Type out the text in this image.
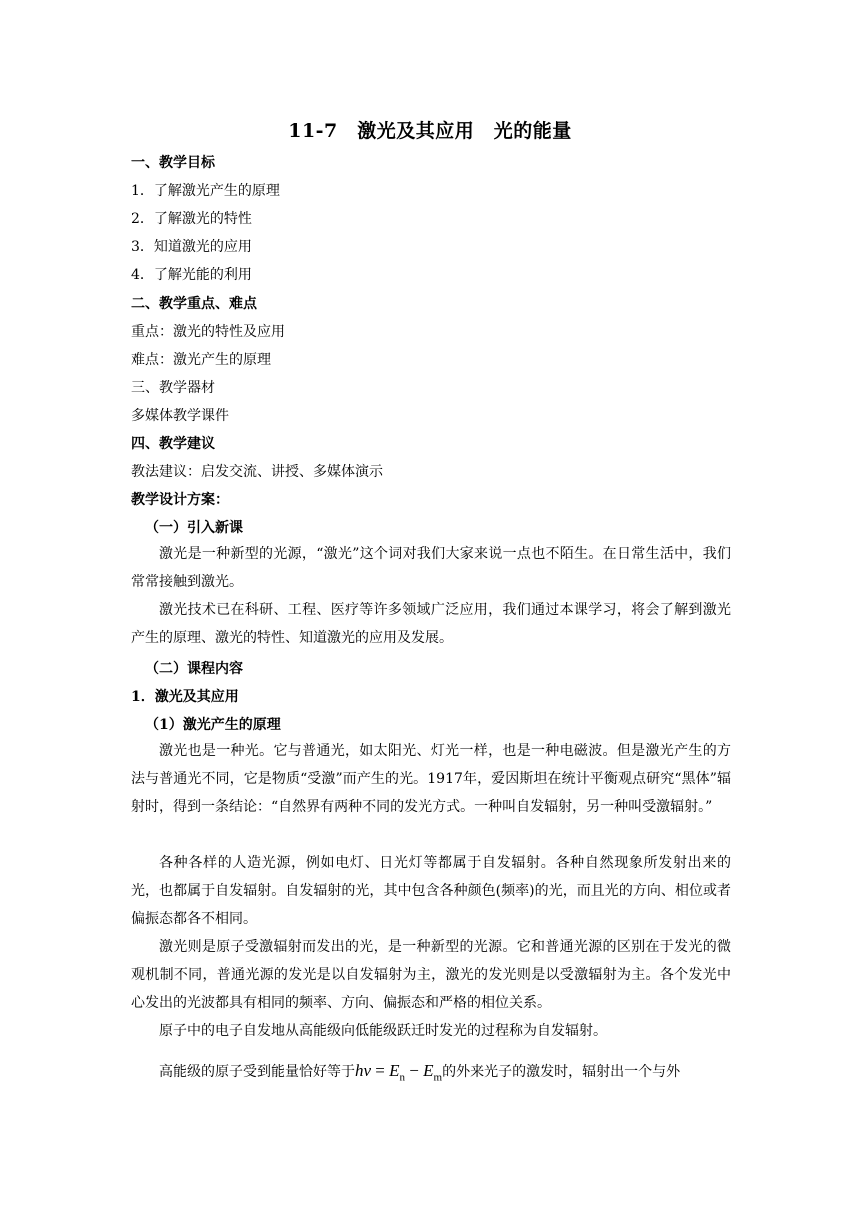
11-7　激光及其应用　光的能量
一、教学目标
1．了解激光产生的原理
2．了解激光的特性
3．知道激光的应用
4．了解光能的利用
二、教学重点、难点
重点：激光的特性及应用
难点：激光产生的原理
三、教学器材
多媒体教学课件
四、教学建议
教法建议：启发交流、讲授、多媒体演示
教学设计方案：
（一）引入新课
激光是一种新型的光源，“激光”这个词对我们大家来说一点也不陌生。在日常生活中，我们常常接触到激光。
激光技术已在科研、工程、医疗等许多领域广泛应用，我们通过本课学习，将会了解到激光产生的原理、激光的特性、知道激光的应用及发展。
（二）课程内容
1．激光及其应用
（1）激光产生的原理
激光也是一种光。它与普通光，如太阳光、灯光一样，也是一种电磁波。但是激光产生的方法与普通光不同，它是物质“受激”而产生的光。1917年，爱因斯坦在统计平衡观点研究“黑体”辐射时，得到一条结论：“自然界有两种不同的发光方式。一种叫自发辐射，另一种叫受激辐射。”
各种各样的人造光源，例如电灯、日光灯等都属于自发辐射。各种自然现象所发射出来的光，也都属于自发辐射。自发辐射的光，其中包含各种颜色(频率)的光，而且光的方向、相位或者偏振态都各不相同。
激光则是原子受激辐射而发出的光，是一种新型的光源。它和普通光源的区别在于发光的微观机制不同，普通光源的发光是以自发辐射为主，激光的发光则是以受激辐射为主。各个发光中心发出的光波都具有相同的频率、方向、偏振态和严格的相位关系。
原子中的电子自发地从高能级向低能级跃迁时发光的过程称为自发辐射。
高能级的原子受到能量恰好等于$h\nu = E_n - E_m$的外来光子的激发时，辐射出一个与外
